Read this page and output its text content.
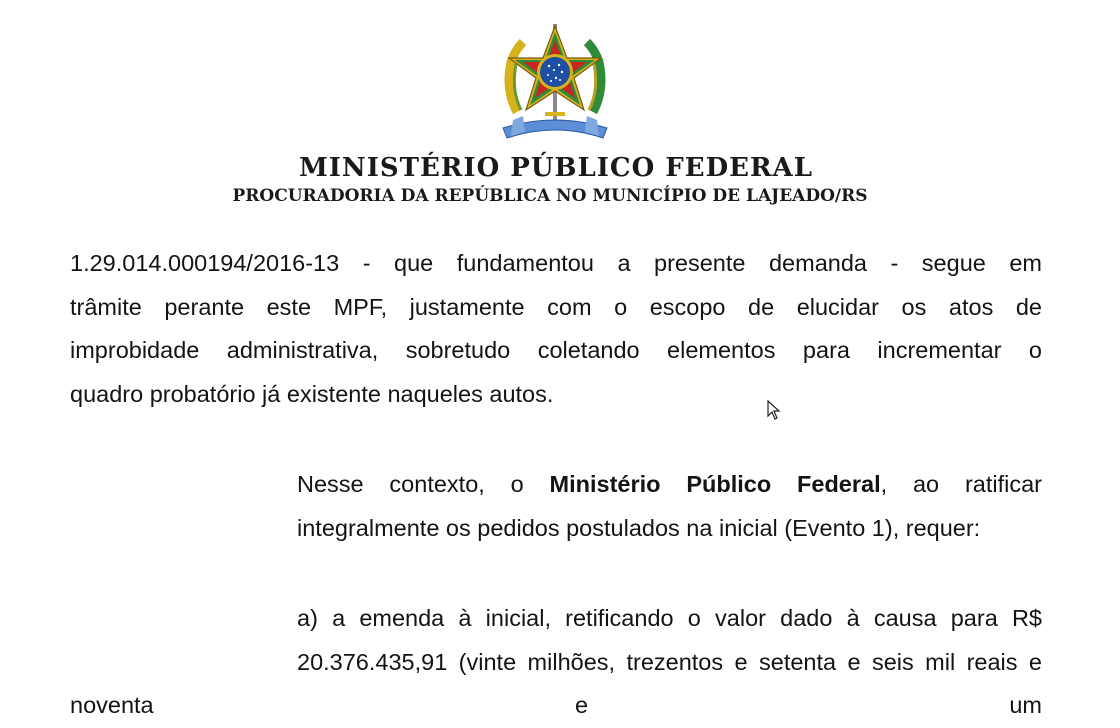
MINISTÉRIO PÚBLICO FEDERAL
PROCURADORIA DA REPÚBLICA NO MUNICÍPIO DE LAJEADO/RS
1.29.014.000194/2016-13 - que fundamentou a presente demanda - segue em
trâmite perante este MPF, justamente com o escopo de elucidar os atos de
improbidade administrativa, sobretudo coletando elementos para incrementar o
quadro probatório já existente naqueles autos.
Nesse contexto, o Ministério Público Federal, ao ratificar
integralmente os pedidos postulados na inicial (Evento 1), requer:
a) a emenda à inicial, retificando o valor dado à causa para R$
20.376.435,91 (vinte milhões, trezentos e setenta e seis mil reais e noventa e um
